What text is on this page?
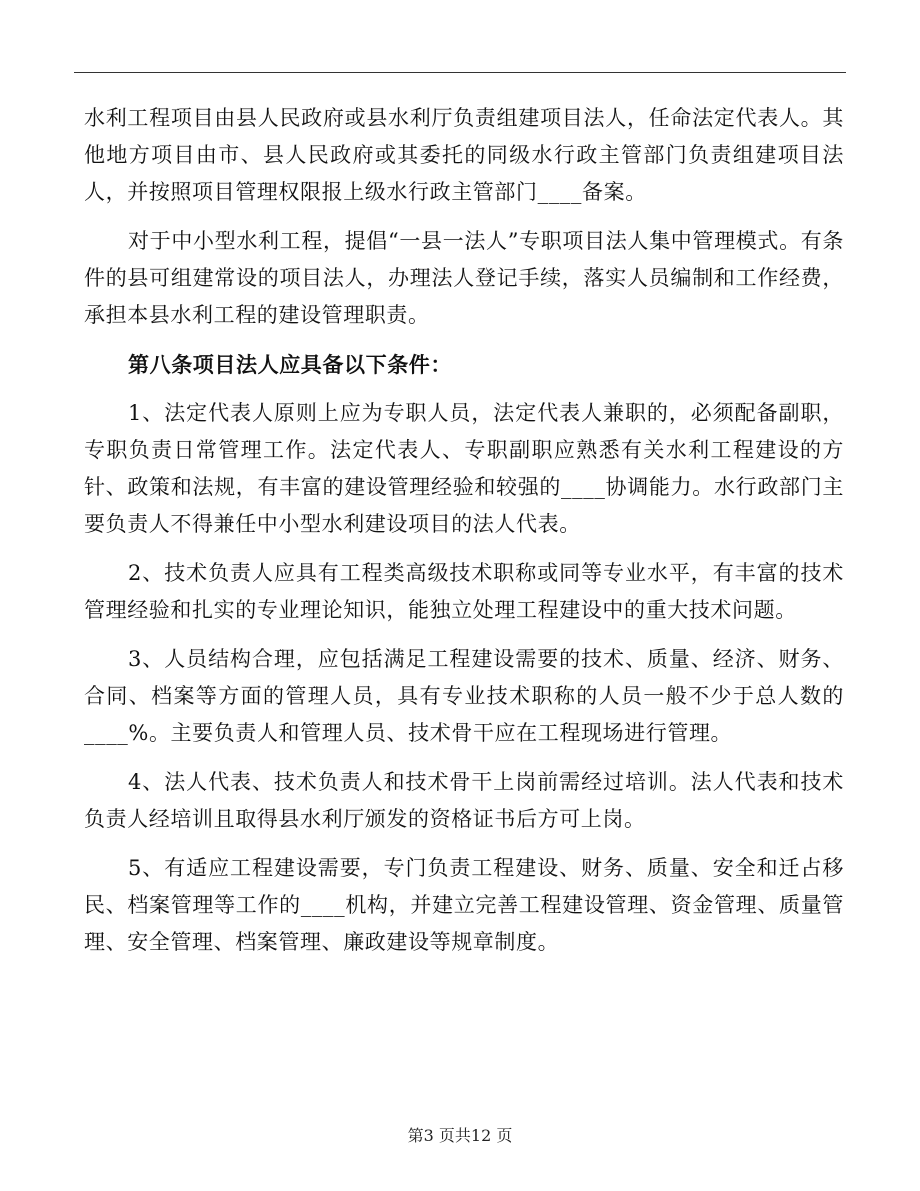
水利工程项目由县人民政府或县水利厅负责组建项目法人，任命法定代表人。其他地方项目由市、县人民政府或其委托的同级水行政主管部门负责组建项目法人，并按照项目管理权限报上级水行政主管部门____备案。

对于中小型水利工程，提倡“一县一法人”专职项目法人集中管理模式。有条件的县可组建常设的项目法人，办理法人登记手续，落实人员编制和工作经费，承担本县水利工程的建设管理职责。

第八条项目法人应具备以下条件：

1、法定代表人原则上应为专职人员，法定代表人兼职的，必须配备副职，专职负责日常管理工作。法定代表人、专职副职应熟悉有关水利工程建设的方针、政策和法规，有丰富的建设管理经验和较强的____协调能力。水行政部门主要负责人不得兼任中小型水利建设项目的法人代表。

2、技术负责人应具有工程类高级技术职称或同等专业水平，有丰富的技术管理经验和扎实的专业理论知识，能独立处理工程建设中的重大技术问题。

3、人员结构合理，应包括满足工程建设需要的技术、质量、经济、财务、合同、档案等方面的管理人员，具有专业技术职称的人员一般不少于总人数的____%。主要负责人和管理人员、技术骨干应在工程现场进行管理。

4、法人代表、技术负责人和技术骨干上岗前需经过培训。法人代表和技术负责人经培训且取得县水利厅颁发的资格证书后方可上岗。

5、有适应工程建设需要，专门负责工程建设、财务、质量、安全和迁占移民、档案管理等工作的____机构，并建立完善工程建设管理、资金管理、质量管理、安全管理、档案管理、廉政建设等规章制度。

第3 页共12 页
